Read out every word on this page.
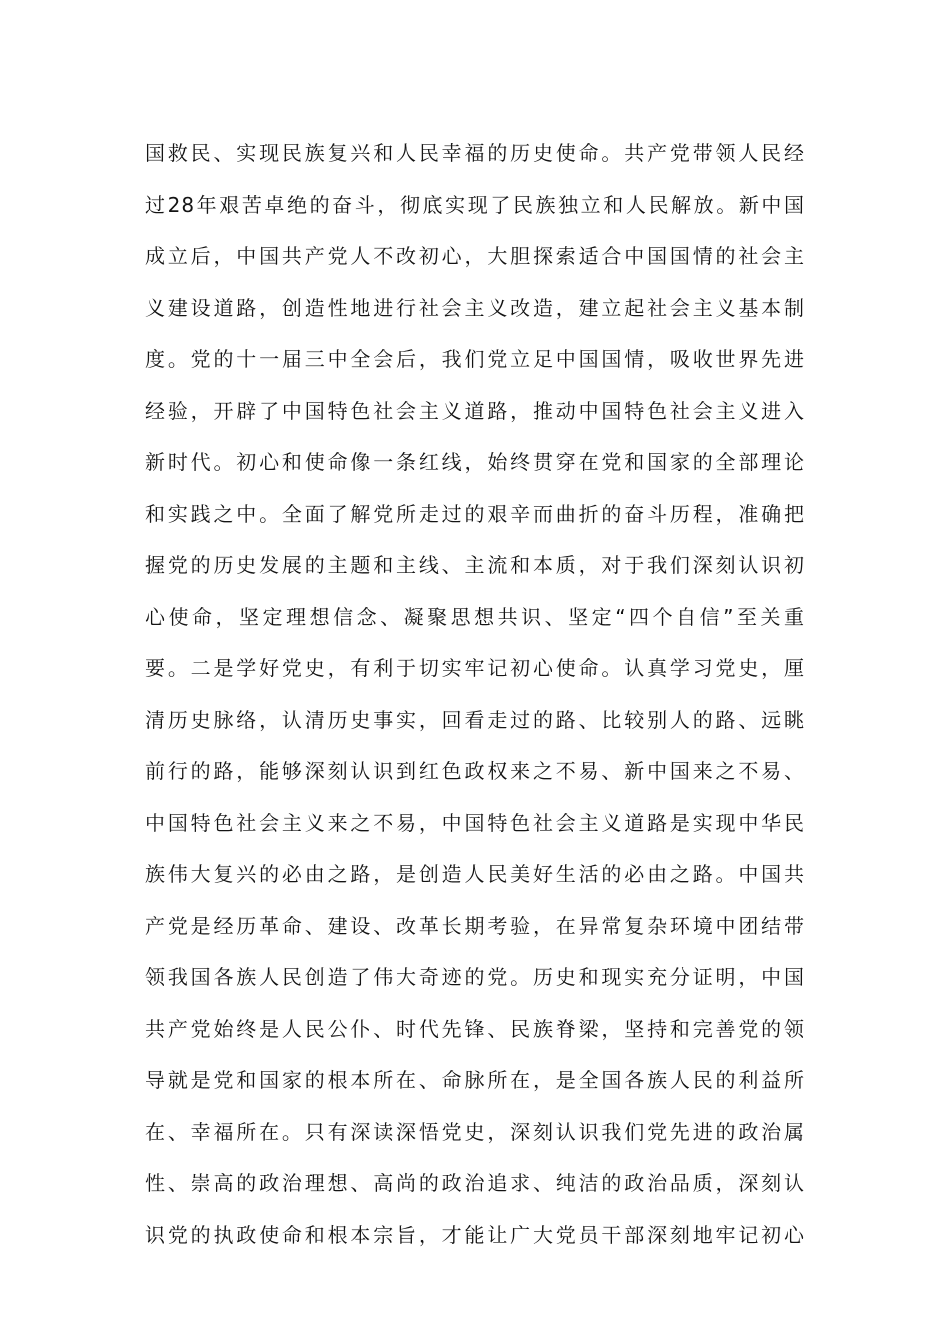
国救民、实现民族复兴和人民幸福的历史使命。共产党带领人民经
过28年艰苦卓绝的奋斗，彻底实现了民族独立和人民解放。新中国
成立后，中国共产党人不改初心，大胆探索适合中国国情的社会主
义建设道路，创造性地进行社会主义改造，建立起社会主义基本制
度。党的十一届三中全会后，我们党立足中国国情，吸收世界先进
经验，开辟了中国特色社会主义道路，推动中国特色社会主义进入
新时代。初心和使命像一条红线，始终贯穿在党和国家的全部理论
和实践之中。全面了解党所走过的艰辛而曲折的奋斗历程，准确把
握党的历史发展的主题和主线、主流和本质，对于我们深刻认识初
心使命，坚定理想信念、凝聚思想共识、坚定“四个自信”至关重
要。二是学好党史，有利于切实牢记初心使命。认真学习党史，厘
清历史脉络，认清历史事实，回看走过的路、比较别人的路、远眺
前行的路，能够深刻认识到红色政权来之不易、新中国来之不易、
中国特色社会主义来之不易，中国特色社会主义道路是实现中华民
族伟大复兴的必由之路，是创造人民美好生活的必由之路。中国共
产党是经历革命、建设、改革长期考验，在异常复杂环境中团结带
领我国各族人民创造了伟大奇迹的党。历史和现实充分证明，中国
共产党始终是人民公仆、时代先锋、民族脊梁，坚持和完善党的领
导就是党和国家的根本所在、命脉所在，是全国各族人民的利益所
在、幸福所在。只有深读深悟党史，深刻认识我们党先进的政治属
性、崇高的政治理想、高尚的政治追求、纯洁的政治品质，深刻认
识党的执政使命和根本宗旨，才能让广大党员干部深刻地牢记初心
